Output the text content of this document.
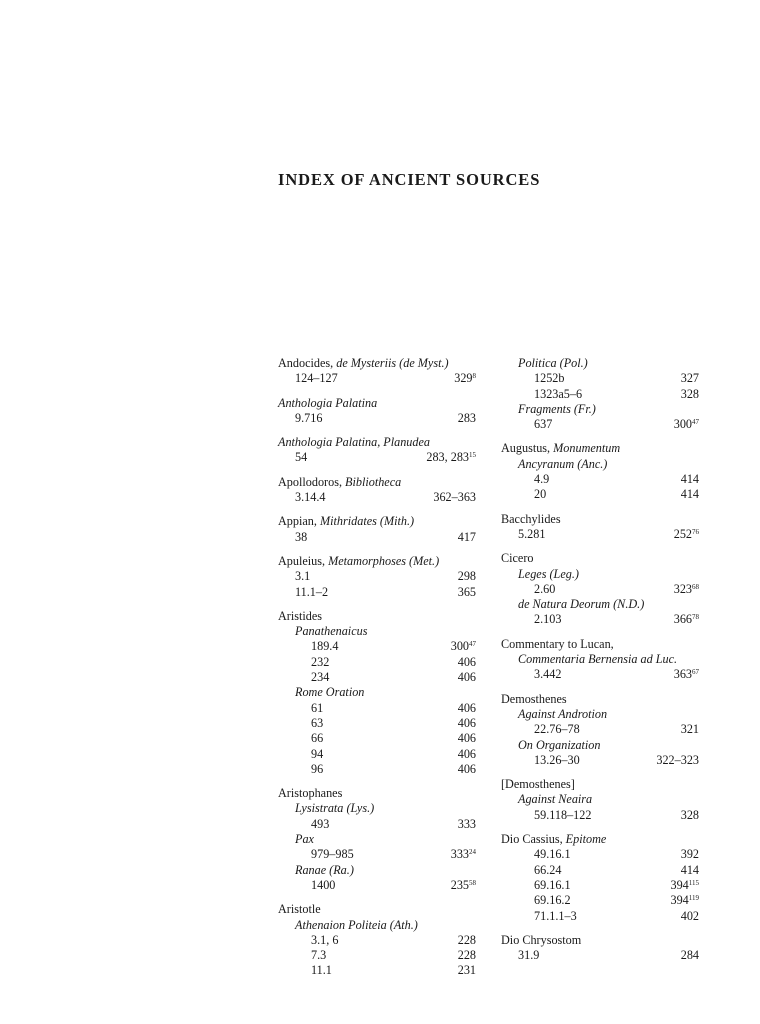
INDEX OF ANCIENT SOURCES
Andocides, de Mysteriis (de Myst.)
124–127	$329^8$
Anthologia Palatina
9.716	283
Anthologia Palatina, Planudea
54	283, $283^{15}$
Apollodoros, Bibliotheca
3.14.4	362–363
Appian, Mithridates (Mith.)
38	417
Apuleius, Metamorphoses (Met.)
3.1	298
11.1–2	365
Aristides
Panathenaicus
189.4	$300^{47}$
232	406
234	406
Rome Oration
61	406
63	406
66	406
94	406
96	406
Aristophanes
Lysistrata (Lys.)
493	333
Pax
979–985	$333^{24}$
Ranae (Ra.)
1400	$235^{58}$
Aristotle
Athenaion Politeia (Ath.)
3.1, 6	228
7.3	228
11.1	231
Politica (Pol.)
1252b	327
1323a5–6	328
Fragments (Fr.)
637	$300^{47}$
Augustus, Monumentum
Ancyranum (Anc.)
4.9	414
20	414
Bacchylides
5.281	$252^{76}$
Cicero
Leges (Leg.)
2.60	$323^{68}$
de Natura Deorum (N.D.)
2.103	$366^{78}$
Commentary to Lucan,
Commentaria Bernensia ad Luc.
3.442	$363^{67}$
Demosthenes
Against Androtion
22.76–78	321
On Organization
13.26–30	322–323
[Demosthenes]
Against Neaira
59.118–122	328
Dio Cassius, Epitome
49.16.1	392
66.24	414
69.16.1	$394^{115}$
69.16.2	$394^{119}$
71.1.1–3	402
Dio Chrysostom
31.9	284
